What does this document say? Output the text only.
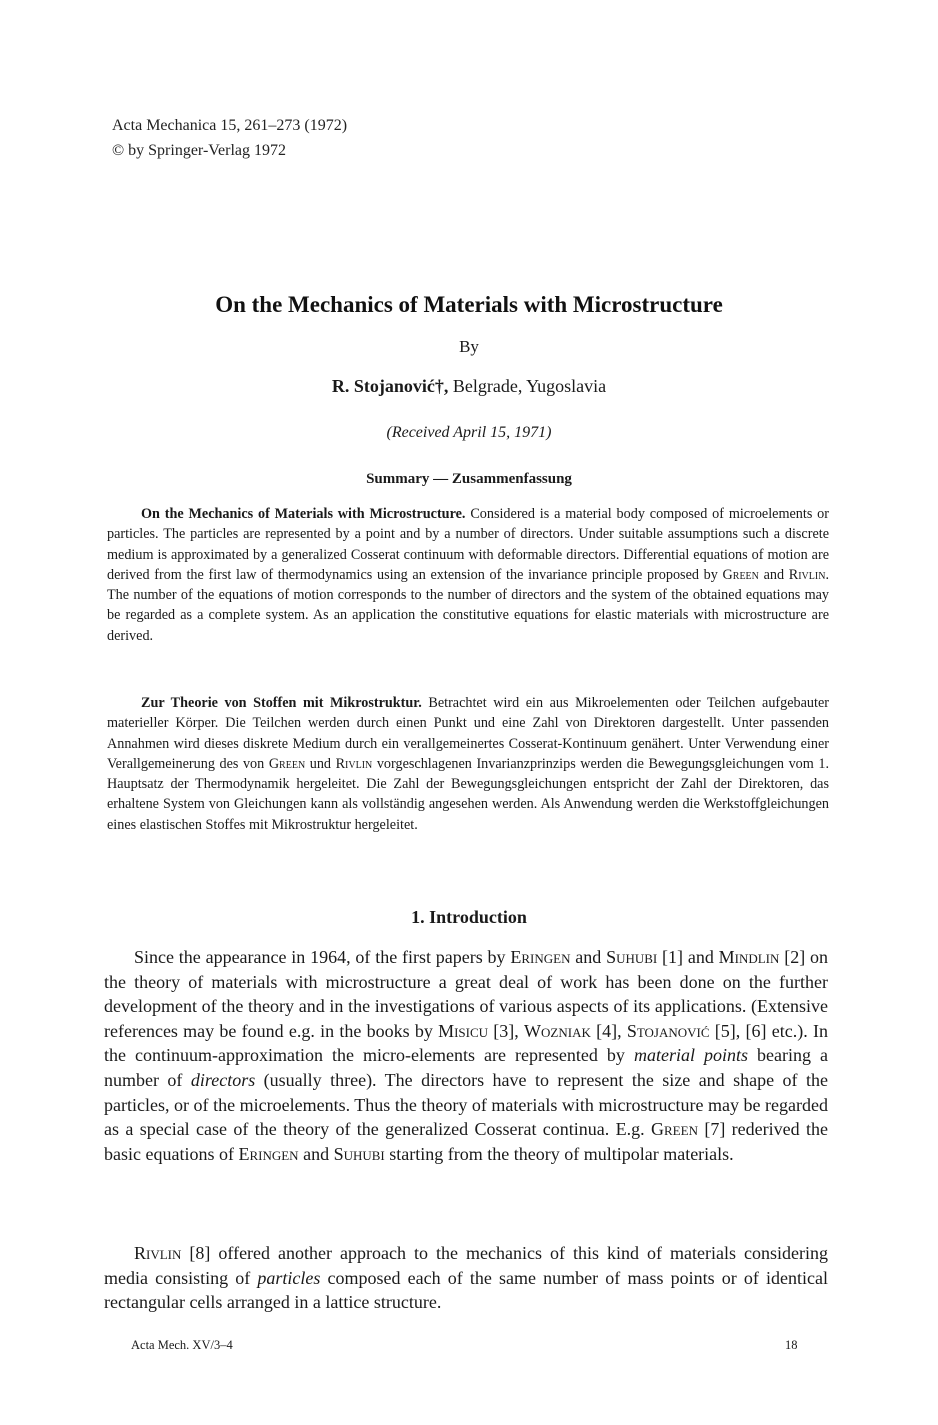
Acta Mechanica 15, 261–273 (1972)
© by Springer-Verlag 1972
On the Mechanics of Materials with Microstructure
By
R. Stojanović†, Belgrade, Yugoslavia
(Received April 15, 1971)
Summary — Zusammenfassung

On the Mechanics of Materials with Microstructure. Considered is a material body composed of microelements or particles. The particles are represented by a point and by a number of directors. Under suitable assumptions such a discrete medium is approximated by a generalized Cosserat continuum with deformable directors. Differential equations of motion are derived from the first law of thermodynamics using an extension of the invariance principle proposed by Green and Rivlin. The number of the equations of motion corresponds to the number of directors and the system of the obtained equations may be regarded as a complete system. As an application the constitutive equations for elastic materials with microstructure are derived.

Zur Theorie von Stoffen mit Mikrostruktur. Betrachtet wird ein aus Mikroelementen oder Teilchen aufgebauter materieller Körper. Die Teilchen werden durch einen Punkt und eine Zahl von Direktoren dargestellt. Unter passenden Annahmen wird dieses diskrete Medium durch ein verallgemeinertes Cosserat-Kontinuum genähert. Unter Verwendung einer Verallgemeinerung des von Green und Rivlin vorgeschlagenen Invarianzprinzips werden die Bewegungsgleichungen vom 1. Hauptsatz der Thermodynamik hergeleitet. Die Zahl der Bewegungsgleichungen entspricht der Zahl der Direktoren, das erhaltene System von Gleichungen kann als vollständig angesehen werden. Als Anwendung werden die Werkstoffgleichungen eines elastischen Stoffes mit Mikrostruktur hergeleitet.

1. Introduction

Since the appearance in 1964, of the first papers by Eringen and Suhubi [1] and Mindlin [2] on the theory of materials with microstructure a great deal of work has been done on the further development of the theory and in the investigations of various aspects of its applications. (Extensive references may be found e.g. in the books by Misicu [3], Wozniak [4], Stojanović [5], [6] etc.). In the continuum-approximation the micro-elements are represented by material points bearing a number of directors (usually three). The directors have to represent the size and shape of the particles, or of the microelements. Thus the theory of materials with microstructure may be regarded as a special case of the theory of the generalized Cosserat continua. E.g. Green [7] rederived the basic equations of Eringen and Suhubi starting from the theory of multipolar materials.

Rivlin [8] offered another approach to the mechanics of this kind of materials considering media consisting of particles composed each of the same number of mass points or of identical rectangular cells arranged in a lattice structure.

Acta Mech. XV/3–4	18
